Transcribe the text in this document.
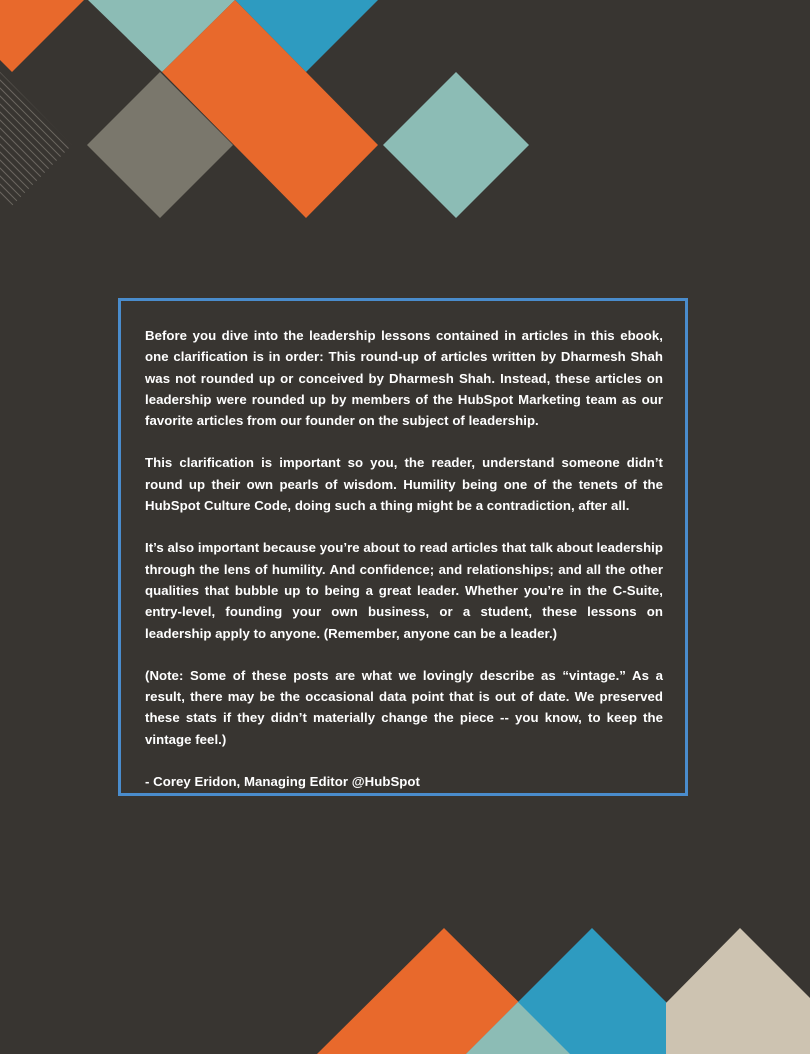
Before you dive into the leadership lessons contained in articles in this ebook, one clarification is in order: This round-up of articles written by Dharmesh Shah was not rounded up or conceived by Dharmesh Shah. Instead, these articles on leadership were rounded up by members of the HubSpot Marketing team as our favorite articles from our founder on the subject of leadership.

This clarification is important so you, the reader, understand someone didn’t round up their own pearls of wisdom. Humility being one of the tenets of the HubSpot Culture Code, doing such a thing might be a contradiction, after all.

It’s also important because you’re about to read articles that talk about leadership through the lens of humility. And confidence; and relationships; and all the other qualities that bubble up to being a great leader. Whether you’re in the C-Suite, entry-level, founding your own business, or a student, these lessons on leadership apply to anyone. (Remember, anyone can be a leader.)

(Note: Some of these posts are what we lovingly describe as “vintage.” As a result, there may be the occasional data point that is out of date. We preserved these stats if they didn’t materially change the piece -- you know, to keep the vintage feel.)

- Corey Eridon, Managing Editor @HubSpot
